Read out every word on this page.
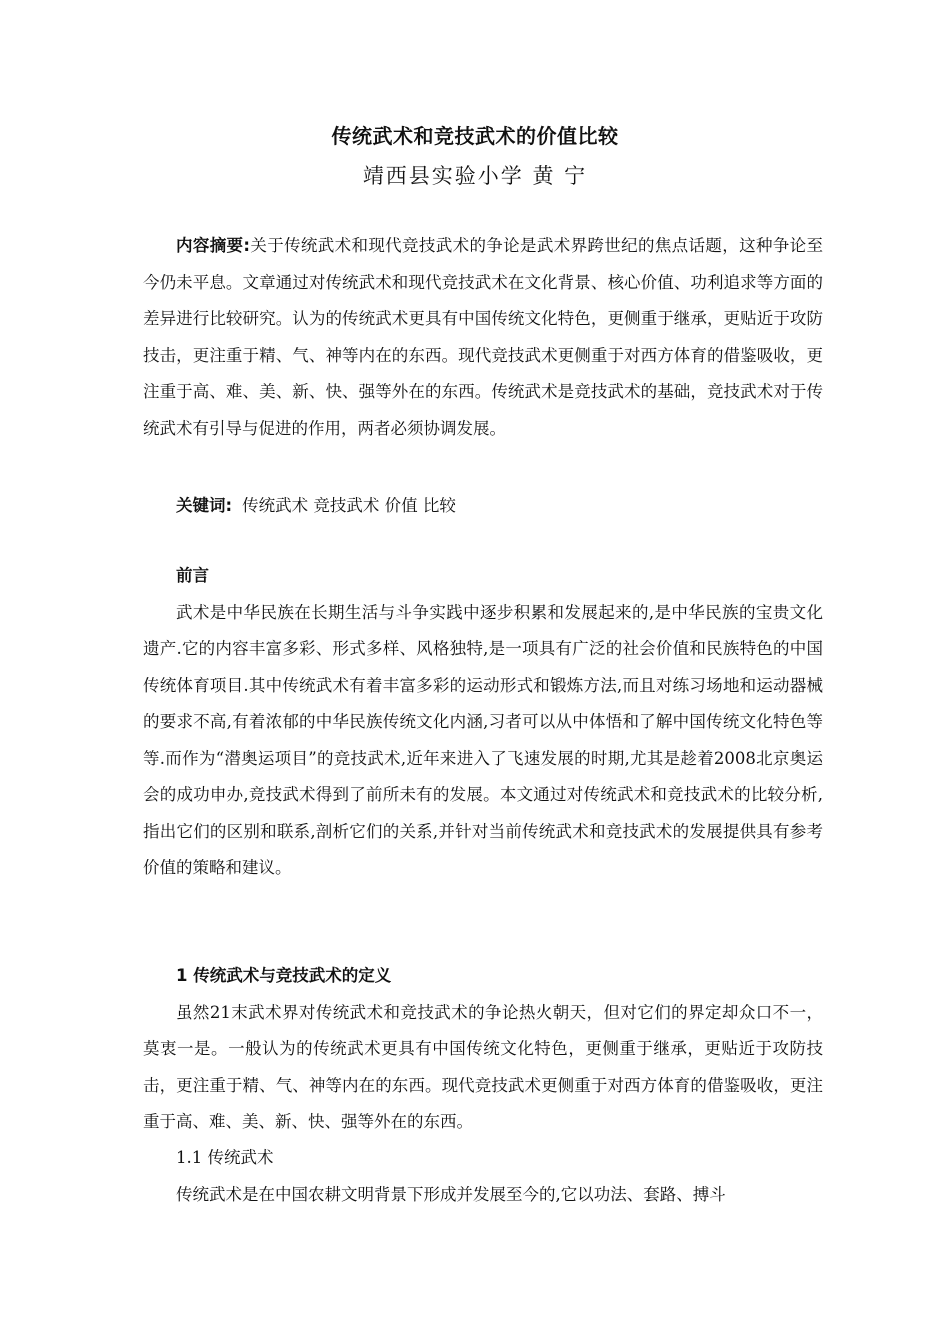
传统武术和竞技武术的价值比较
靖西县实验小学 黄 宁

内容摘要:关于传统武术和现代竞技武术的争论是武术界跨世纪的焦点话题，这种争论至今仍未平息。文章通过对传统武术和现代竞技武术在文化背景、核心价值、功利追求等方面的差异进行比较研究。认为的传统武术更具有中国传统文化特色，更侧重于继承，更贴近于攻防技击，更注重于精、气、神等内在的东西。现代竞技武术更侧重于对西方体育的借鉴吸收，更注重于高、难、美、新、快、强等外在的东西。传统武术是竞技武术的基础，竞技武术对于传统武术有引导与促进的作用，两者必须协调发展。

关键词: 传统武术 竞技武术 价值 比较

前言

武术是中华民族在长期生活与斗争实践中逐步积累和发展起来的,是中华民族的宝贵文化遗产.它的内容丰富多彩、形式多样、风格独特,是一项具有广泛的社会价值和民族特色的中国传统体育项目.其中传统武术有着丰富多彩的运动形式和锻炼方法,而且对练习场地和运动器械的要求不高,有着浓郁的中华民族传统文化内涵,习者可以从中体悟和了解中国传统文化特色等等.而作为“潜奥运项目”的竞技武术,近年来进入了飞速发展的时期,尤其是趁着2008北京奥运会的成功申办,竞技武术得到了前所未有的发展。本文通过对传统武术和竞技武术的比较分析,指出它们的区别和联系,剖析它们的关系,并针对当前传统武术和竞技武术的发展提供具有参考价值的策略和建议。

1 传统武术与竞技武术的定义

虽然21末武术界对传统武术和竞技武术的争论热火朝天，但对它们的界定却众口不一，莫衷一是。一般认为的传统武术更具有中国传统文化特色，更侧重于继承，更贴近于攻防技击，更注重于精、气、神等内在的东西。现代竞技武术更侧重于对西方体育的借鉴吸收，更注重于高、难、美、新、快、强等外在的东西。

1.1 传统武术

传统武术是在中国农耕文明背景下形成并发展至今的,它以功法、套路、搏斗
